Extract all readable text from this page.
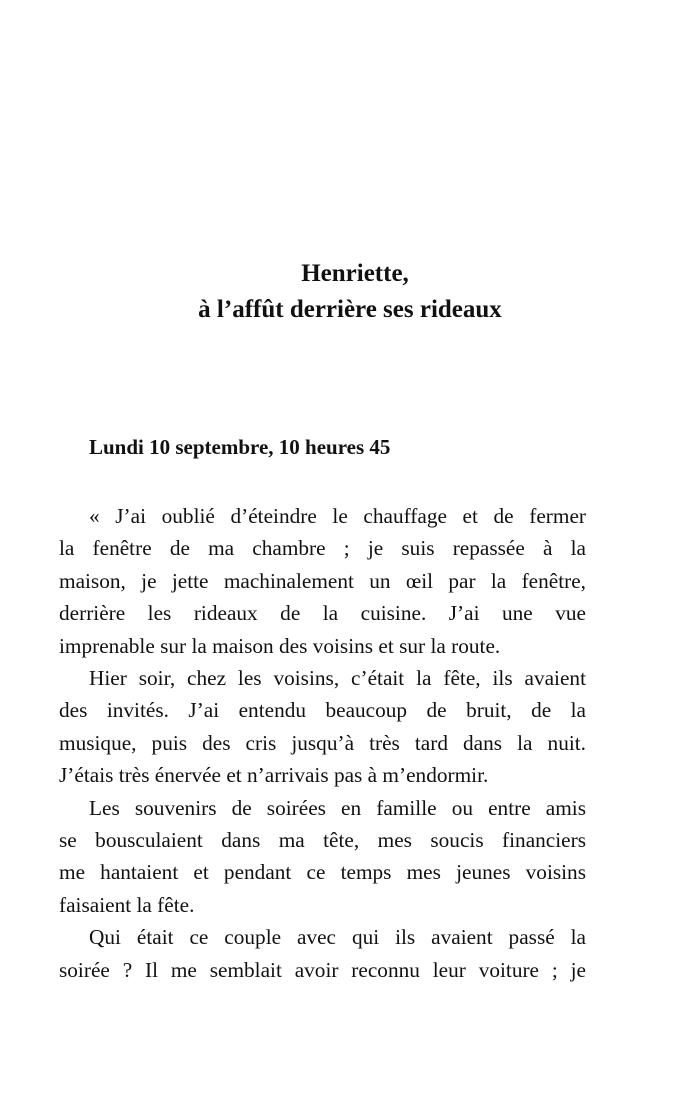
Henriette,
à l’affût derrière ses rideaux
Lundi 10 septembre, 10 heures 45

« J’ai oublié d’éteindre le chauffage et de fermer
la fenêtre de ma chambre ; je suis repassée à la
maison, je jette machinalement un œil par la fenêtre,
derrière les rideaux de la cuisine. J’ai une vue
imprenable sur la maison des voisins et sur la route.

Hier soir, chez les voisins, c’était la fête, ils avaient
des invités. J’ai entendu beaucoup de bruit, de la
musique, puis des cris jusqu’à très tard dans la nuit.
J’étais très énervée et n’arrivais pas à m’endormir.

Les souvenirs de soirées en famille ou entre amis
se bousculaient dans ma tête, mes soucis financiers
me hantaient et pendant ce temps mes jeunes voisins
faisaient la fête.

Qui était ce couple avec qui ils avaient passé la
soirée ? Il me semblait avoir reconnu leur voiture ; je
